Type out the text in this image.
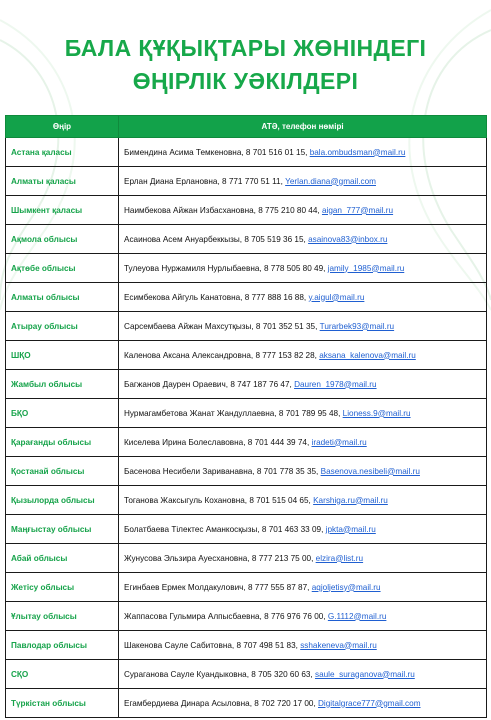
БАЛА ҚҰҚЫҚТАРЫ ЖӨНІНДЕГІ
ӨҢІРЛІК УӘКІЛДЕРІ
Өңір	АТӘ, телефон нөмірі
Астана қаласы	Бимендина Асима Темкеновна, 8 701 516 01 15, bala.ombudsman@mail.ru
Алматы қаласы	Ерлан Диана Ерлановна, 8 771 770 51 11, Yerlan.diana@gmail.com
Шымкент қаласы	Наимбекова Айжан Избасхановна, 8 775 210 80 44, aigan_777@mail.ru
Ақмола облысы	Асаинова Асем Ануарбеккызы, 8 705 519 36 15, asainova83@inbox.ru
Ақтөбе облысы	Тулеуова Нуржамиля Нурлыбаевна, 8 778 505 80 49, jamily_1985@mail.ru
Алматы облысы	Есимбекова Айгуль Канатовна, 8 777 888 16 88, y.aigul@mail.ru
Атырау облысы	Сарсембаева Айжан Махсутқызы, 8 701 352 51 35, Turarbek93@mail.ru
ШҚО	Каленова Аксана Александровна, 8 777 153 82 28, aksana_kalenova@mail.ru
Жамбыл облысы	Багжанов Даурен Ораевич, 8 747 187 76 47, Dauren_1978@mail.ru
БҚО	Нурмагамбетова Жанат Жандуллаевна, 8 701 789 95 48, Lioness.9@mail.ru
Қарағанды облысы	Киселева Ирина Болеславовна, 8 701 444 39 74, iradeti@mail.ru
Қостанай облысы	Басенова Несибели Зариванавна, 8 701 778 35 35, Basenova.nesibeli@mail.ru
Қызылорда облысы	Тоганова Жаксыгуль Кохановна, 8 701 515 04 65, Karshiga.ru@mail.ru
Маңғыстау облысы	Болатбаева Тілектес Аманкосқызы, 8 701 463 33 09, jpkta@mail.ru
Абай облысы	Жунусова Эльзира Ауесхановна, 8 777 213 75 00, elzira@list.ru
Жетісу облысы	Егинбаев Ермек Молдакулович, 8 777 555 87 87, aqjoljetisy@mail.ru
Ұлытау облысы	Жаппасова Гульмира Алпысбаевна, 8 776 976 76 00, G.1112@mail.ru
Павлодар облысы	Шакенова Сауле Сабитовна, 8 707 498 51 83, sshakeneva@mail.ru
СҚО	Сураганова Сауле Куандыковна, 8 705 320 60 63, saule_suraganova@mail.ru
Түркістан облысы	Егамбердиева Динара Асыловна, 8 702 720 17 00, Digitalgrace777@gmail.com
